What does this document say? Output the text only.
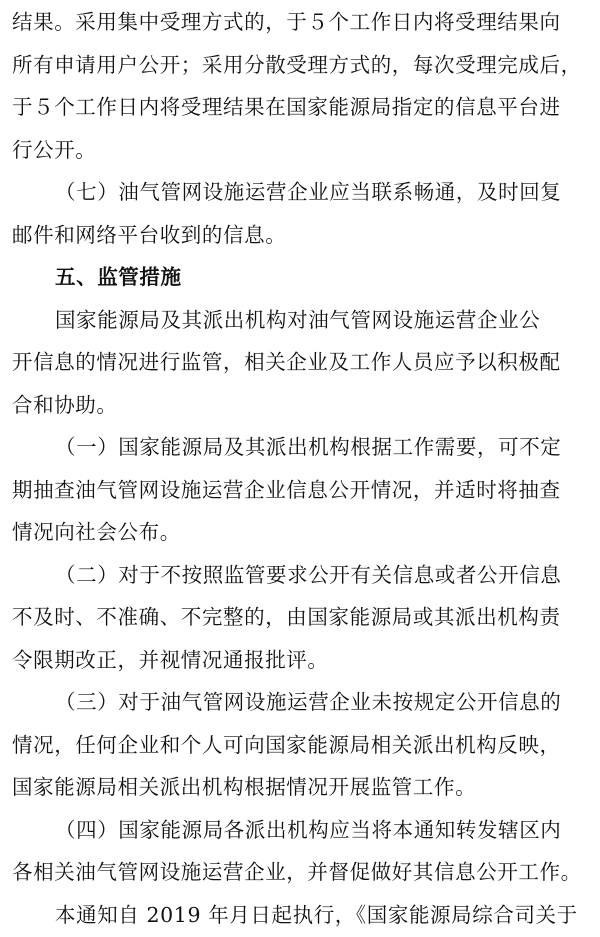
结果。采用集中受理方式的，于５个工作日内将受理结果向
所有申请用户公开；采用分散受理方式的，每次受理完成后，
于５个工作日内将受理结果在国家能源局指定的信息平台进
行公开。
（七）油气管网设施运营企业应当联系畅通，及时回复
邮件和网络平台收到的信息。
五、监管措施
国家能源局及其派出机构对油气管网设施运营企业公
开信息的情况进行监管，相关企业及工作人员应予以积极配
合和协助。
（一）国家能源局及其派出机构根据工作需要，可不定
期抽查油气管网设施运营企业信息公开情况，并适时将抽查
情况向社会公布。
（二）对于不按照监管要求公开有关信息或者公开信息
不及时、不准确、不完整的，由国家能源局或其派出机构责
令限期改正，并视情况通报批评。
（三）对于油气管网设施运营企业未按规定公开信息的
情况，任何企业和个人可向国家能源局相关派出机构反映，
国家能源局相关派出机构根据情况开展监管工作。
（四）国家能源局各派出机构应当将本通知转发辖区内
各相关油气管网设施运营企业，并督促做好其信息公开工作。
本通知自 2019 年月日起执行，《国家能源局综合司关于
